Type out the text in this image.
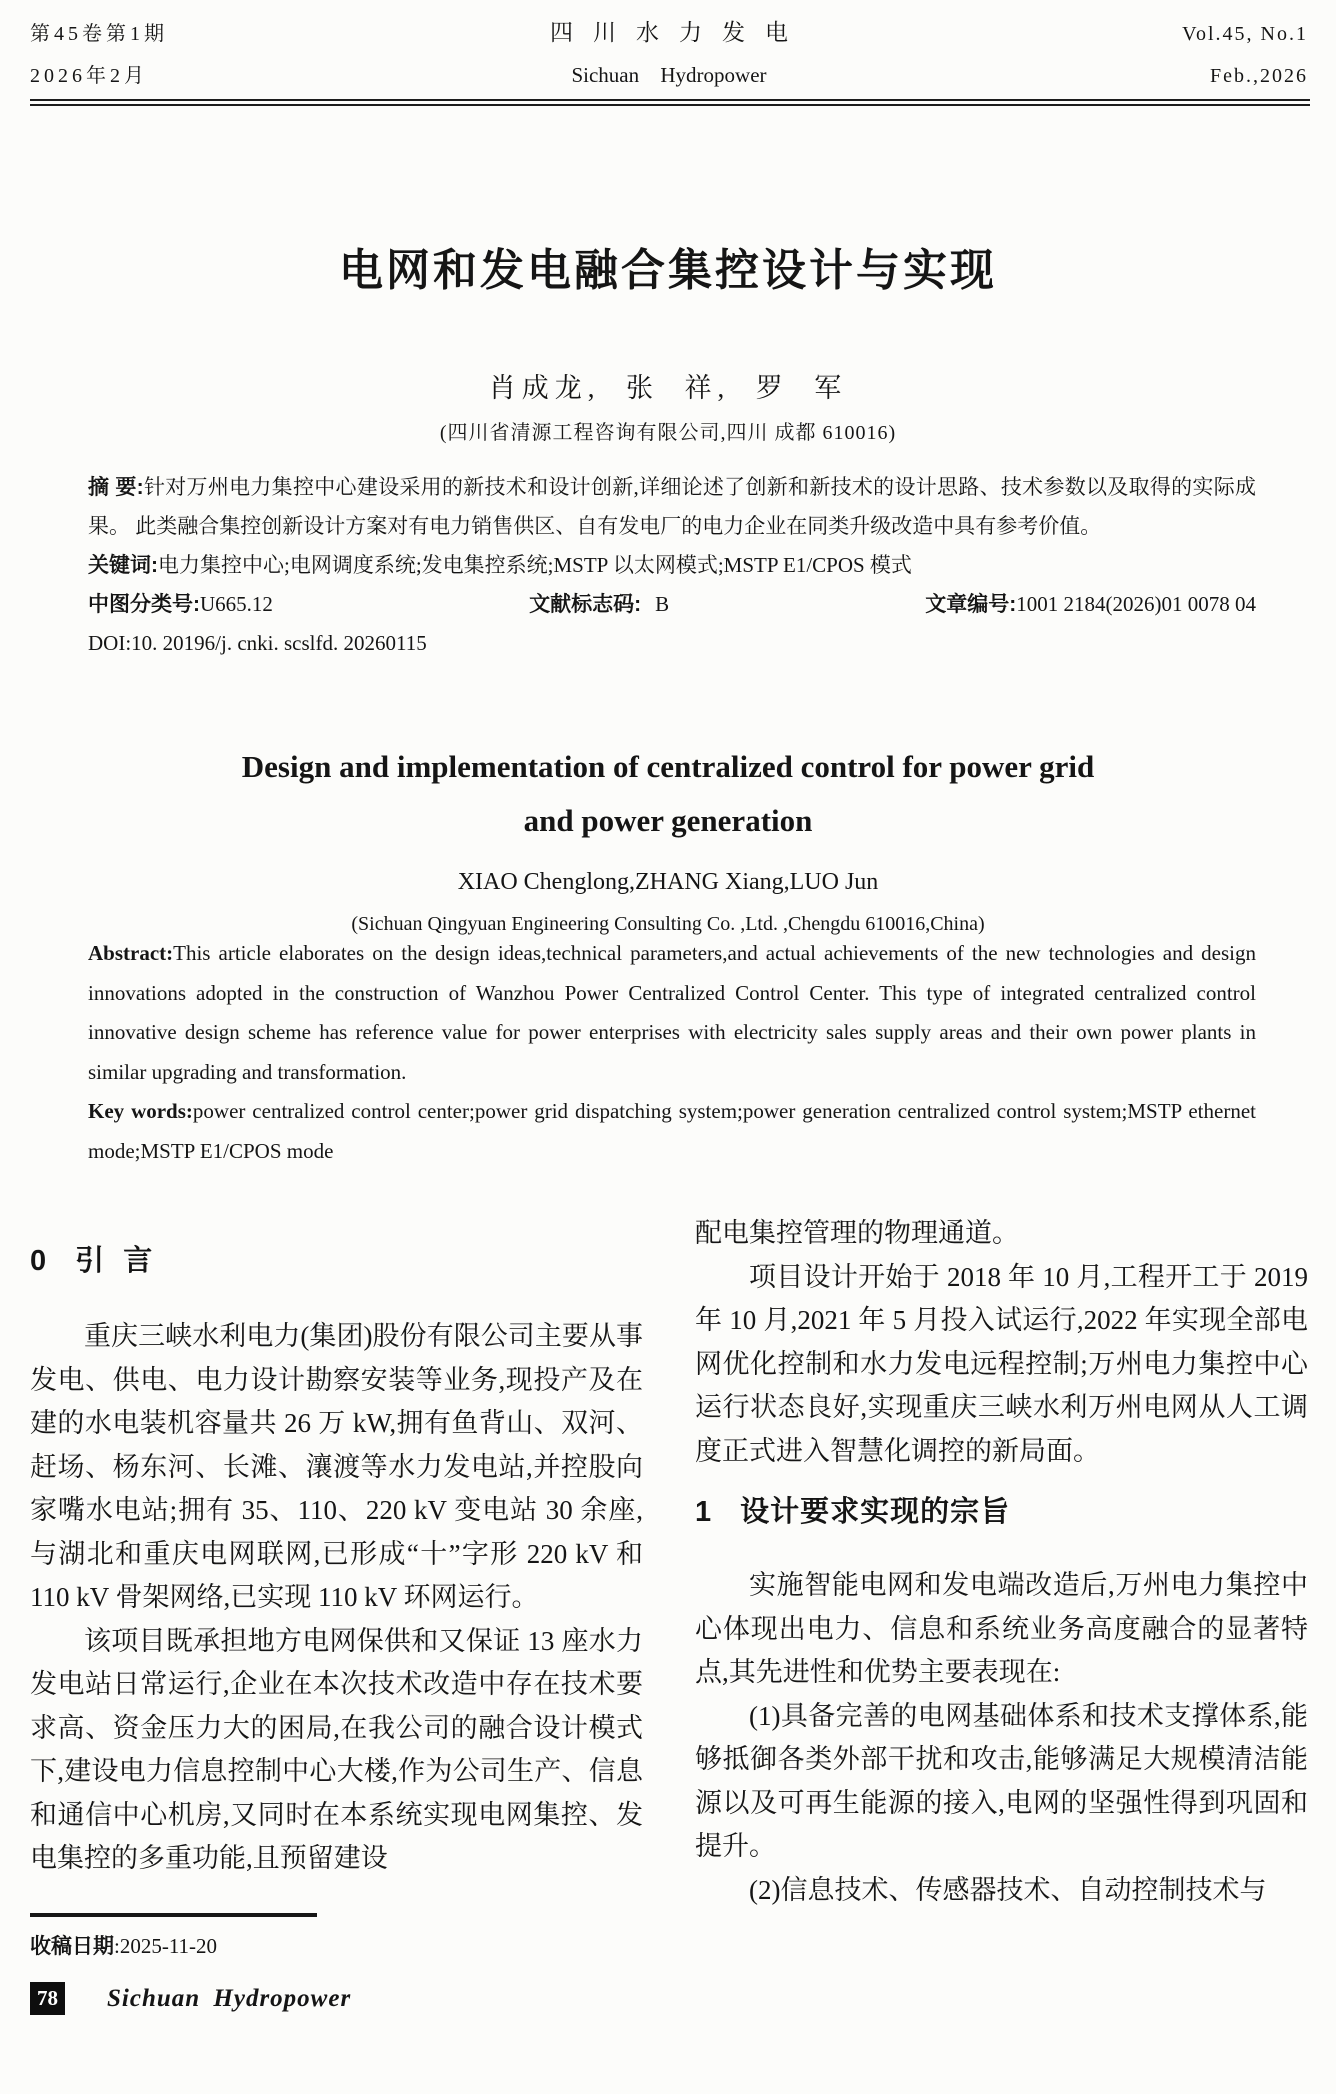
第45卷第1期	四川水力发电	Vol.45, No.1
2026年2月	Sichuan Hydropower	Feb.,2026
电网和发电融合集控设计与实现
肖成龙,  张  祥,  罗  军
(四川省清源工程咨询有限公司,四川 成都 610016)

摘 要:针对万州电力集控中心建设采用的新技术和设计创新,详细论述了创新和新技术的设计思路、技术参数以及取得的实际成果。 此类融合集控创新设计方案对有电力销售供区、自有发电厂的电力企业在同类升级改造中具有参考价值。

关键词:电力集控中心;电网调度系统;发电集控系统;MSTP 以太网模式;MSTP E1/CPOS 模式

中图分类号:U665.12	文献标志码: B	文章编号:1001 2184(2026)01 0078 04

DOI:10. 20196/j. cnki. scslfd. 20260115

Design and implementation of centralized control for power grid
and power generation

XIAO Chenglong,ZHANG Xiang,LUO Jun
(Sichuan Qingyuan Engineering Consulting Co. ,Ltd. ,Chengdu 610016,China)

Abstract:This article elaborates on the design ideas,technical parameters,and actual achievements of the new technologies and design innovations adopted in the construction of Wanzhou Power Centralized Control Center. This type of integrated centralized control innovative design scheme has reference value for power enterprises with electricity sales supply areas and their own power plants in similar upgrading and transformation.

Key words:power centralized control center;power grid dispatching system;power generation centralized control system;MSTP ethernet mode;MSTP E1/CPOS mode

0 引  言

重庆三峡水利电力(集团)股份有限公司主要从事发电、供电、电力设计勘察安装等业务,现投产及在建的水电装机容量共 26 万 kW,拥有鱼背山、双河、赶场、杨东河、长滩、瀼渡等水力发电站,并控股向家嘴水电站;拥有 35、110、220 kV 变电站 30 余座,与湖北和重庆电网联网,已形成“十”字形 220 kV 和 110 kV 骨架网络,已实现 110 kV 环网运行。

该项目既承担地方电网保供和又保证 13 座水力发电站日常运行,企业在本次技术改造中存在技术要求高、资金压力大的困局,在我公司的融合设计模式下,建设电力信息控制中心大楼,作为公司生产、信息和通信中心机房,又同时在本系统实现电网集控、发电集控的多重功能,且预留建设

配电集控管理的物理通道。

项目设计开始于 2018 年 10 月,工程开工于 2019 年 10 月,2021 年 5 月投入试运行,2022 年实现全部电网优化控制和水力发电远程控制;万州电力集控中心运行状态良好,实现重庆三峡水利万州电网从人工调度正式进入智慧化调控的新局面。

1 设计要求实现的宗旨

实施智能电网和发电端改造后,万州电力集控中心体现出电力、信息和系统业务高度融合的显著特点,其先进性和优势主要表现在:

(1)具备完善的电网基础体系和技术支撑体系,能够抵御各类外部干扰和攻击,能够满足大规模清洁能源以及可再生能源的接入,电网的坚强性得到巩固和提升。

(2)信息技术、传感器技术、自动控制技术与

收稿日期:2025-11-20
78 Sichuan Hydropower
